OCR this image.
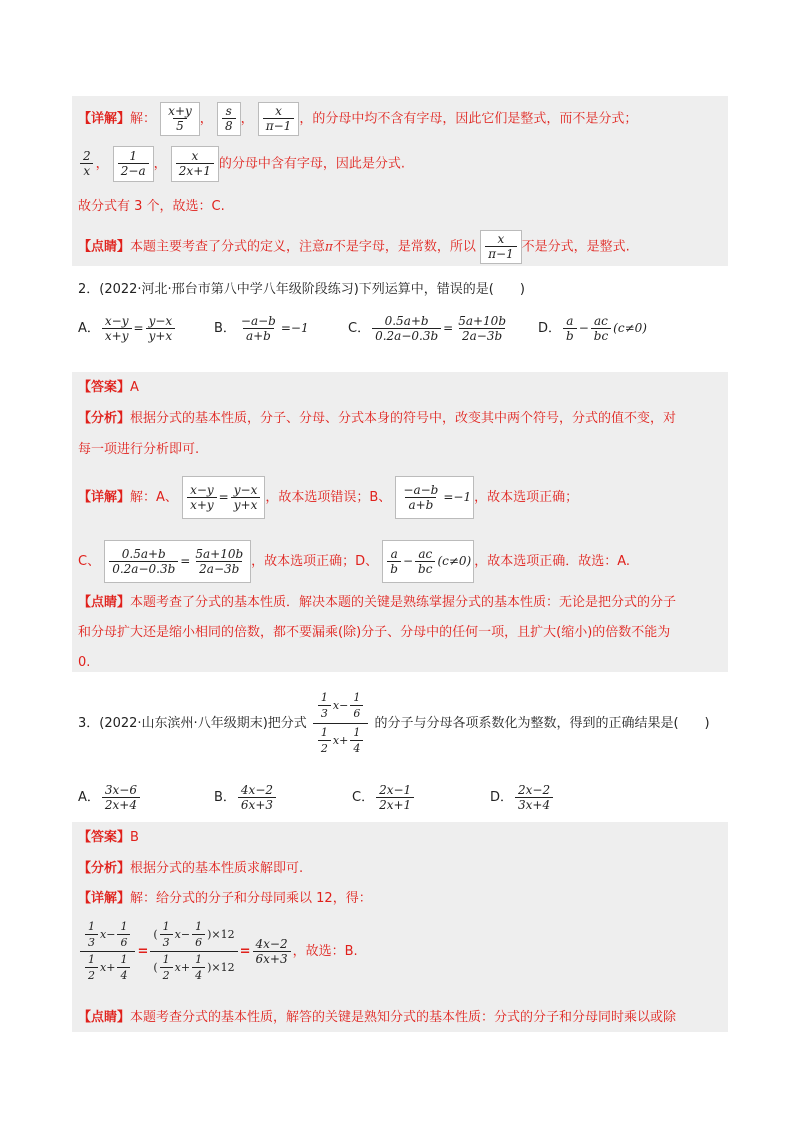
【详解】解： $\frac{x+y}{5}$ ， $\frac{s}{8}$ ， $\frac{x}{\pi-1}$ ，的分母中均不含有字母，因此它们是整式，而不是分式；
$\frac{2}{x}$ ， $\frac{1}{2-a}$ ， $\frac{x}{2x+1}$ 的分母中含有字母，因此是分式.
故分式有 3 个，故选：C.
【点睛】本题主要考查了分式的定义，注意π不是字母，是常数，所以 $\frac{x}{\pi-1}$ 不是分式，是整式.
2．(2022·河北·邢台市第八中学八年级阶段练习)下列运算中，错误的是(　　)
A． $\frac{x-y}{x+y} = \frac{y-x}{y+x}$	B． $\frac{-a-b}{a+b} =-1$	C． $\frac{0.5a+b}{0.2a-0.3b} = \frac{5a+10b}{2a-3b}$ D． $\frac{a}{b} - \frac{ac}{bc} (c\ne 0)$
【答案】A
【分析】根据分式的基本性质，分子、分母、分式本身的符号中，改变其中两个符号，分式的值不变，对
每一项进行分析即可.
【详解】解：A、 $\frac{x-y}{x+y} = \frac{y-x}{y+x}$ ，故本选项错误；B、 $\frac{-a-b}{a+b} =-1$ ，故本选项正确；
C、 $\frac{0.5a+b}{0.2a-0.3b} = \frac{5a+10b}{2a-3b}$ ，故本选项正确；D、 $\frac{a}{b} - \frac{ac}{bc} (c\ne 0)$ ，故本选项正确．故选：A.
【点睛】本题考查了分式的基本性质．解决本题的关键是熟练掌握分式的基本性质：无论是把分式的分子
和分母扩大还是缩小相同的倍数，都不要漏乘(除)分子、分母中的任何一项，且扩大(缩小)的倍数不能为
0.
3．(2022·山东滨州·八年级期末)把分式 $\frac{\frac{1}{3} x- \frac{1}{6}}{\frac{1}{2} x+ \frac{1}{4}}$ 的分子与分母各项系数化为整数，得到的正确结果是(　　)
A． $\frac{3x-6}{2x+4}$	B． $\frac{4x-2}{6x+3}$	C． $\frac{2x-1}{2x+1}$	D． $\frac{2x-2}{3x+4}$
【答案】B
【分析】根据分式的基本性质求解即可.
【详解】解：给分式的分子和分母同乘以 12，得：
$\frac{\frac{1}{3} x- \frac{1}{6}}{\frac{1}{2} x+ \frac{1}{4}} = \frac{( \frac{1}{3} x- \frac{1}{6} )\times 12}{( \frac{1}{2} x+ \frac{1}{4} )\times 12} = \frac{4x-2}{6x+3}$ ，故选：B.
【点睛】本题考查分式的基本性质，解答的关键是熟知分式的基本性质：分式的分子和分母同时乘以或除
